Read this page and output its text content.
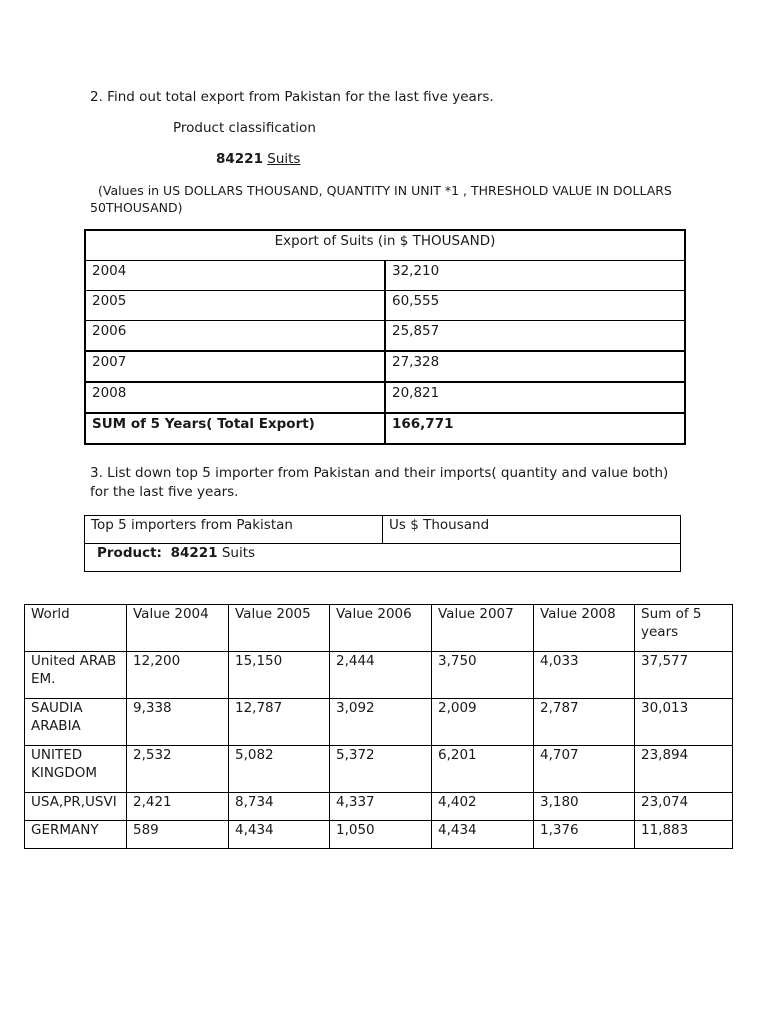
2. Find out total export from Pakistan for the last five years.
Product classification
84221 Suits
(Values in US DOLLARS THOUSAND, QUANTITY IN UNIT *1 , THRESHOLD VALUE IN DOLLARS 50THOUSAND)
Export of Suits (in $ THOUSAND)	
2004	32,210
2005	60,555
2006	25,857
2007	27,328
2008	20,821
SUM of 5 Years( Total Export)	166,771
3. List down top 5 importer from Pakistan and their imports( quantity and value both) for the last five years.
Top 5 importers from Pakistan	Us $ Thousand
Product: 84221 Suits
World	Value 2004	Value 2005	Value 2006	Value 2007	Value 2008	Sum of 5 years
United ARAB EM.	12,200	15,150	2,444	3,750	4,033	37,577
SAUDIA ARABIA	9,338	12,787	3,092	2,009	2,787	30,013
UNITED KINGDOM	2,532	5,082	5,372	6,201	4,707	23,894
USA,PR,USVI	2,421	8,734	4,337	4,402	3,180	23,074
GERMANY	589	4,434	1,050	4,434	1,376	11,883
